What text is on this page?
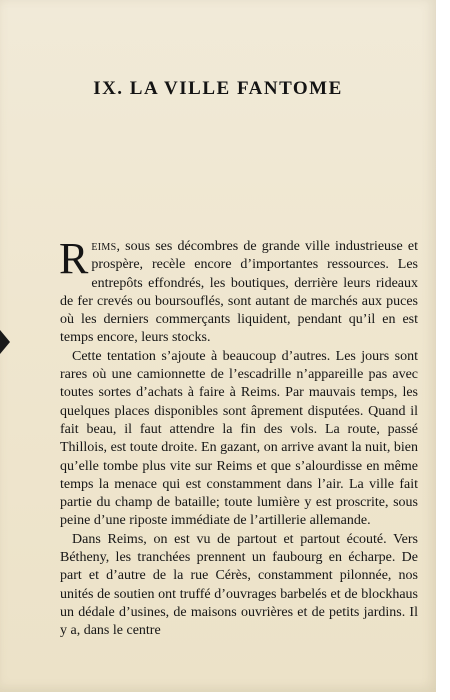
IX. LA VILLE FANTOME

Reims, sous ses décombres de grande ville industrieuse et prospère, recèle encore d’importantes ressources. Les entrepôts effondrés, les boutiques, derrière leurs rideaux de fer crevés ou boursouflés, sont autant de marchés aux puces où les derniers commerçants liquident, pendant qu’il en est temps encore, leurs stocks.

Cette tentation s’ajoute à beaucoup d’autres. Les jours sont rares où une camionnette de l’escadrille n’appareille pas avec toutes sortes d’achats à faire à Reims. Par mauvais temps, les quelques places disponibles sont âprement disputées. Quand il fait beau, il faut attendre la fin des vols. La route, passé Thillois, est toute droite. En gazant, on arrive avant la nuit, bien qu’elle tombe plus vite sur Reims et que s’alourdisse en même temps la menace qui est constamment dans l’air. La ville fait partie du champ de bataille; toute lumière y est proscrite, sous peine d’une riposte immédiate de l’artillerie allemande.

Dans Reims, on est vu de partout et partout écouté. Vers Bétheny, les tranchées prennent un faubourg en écharpe. De part et d’autre de la rue Cérès, constamment pilonnée, nos unités de soutien ont truffé d’ouvrages barbelés et de blockhaus un dédale d’usines, de maisons ouvrières et de petits jardins. Il y a, dans le centre
